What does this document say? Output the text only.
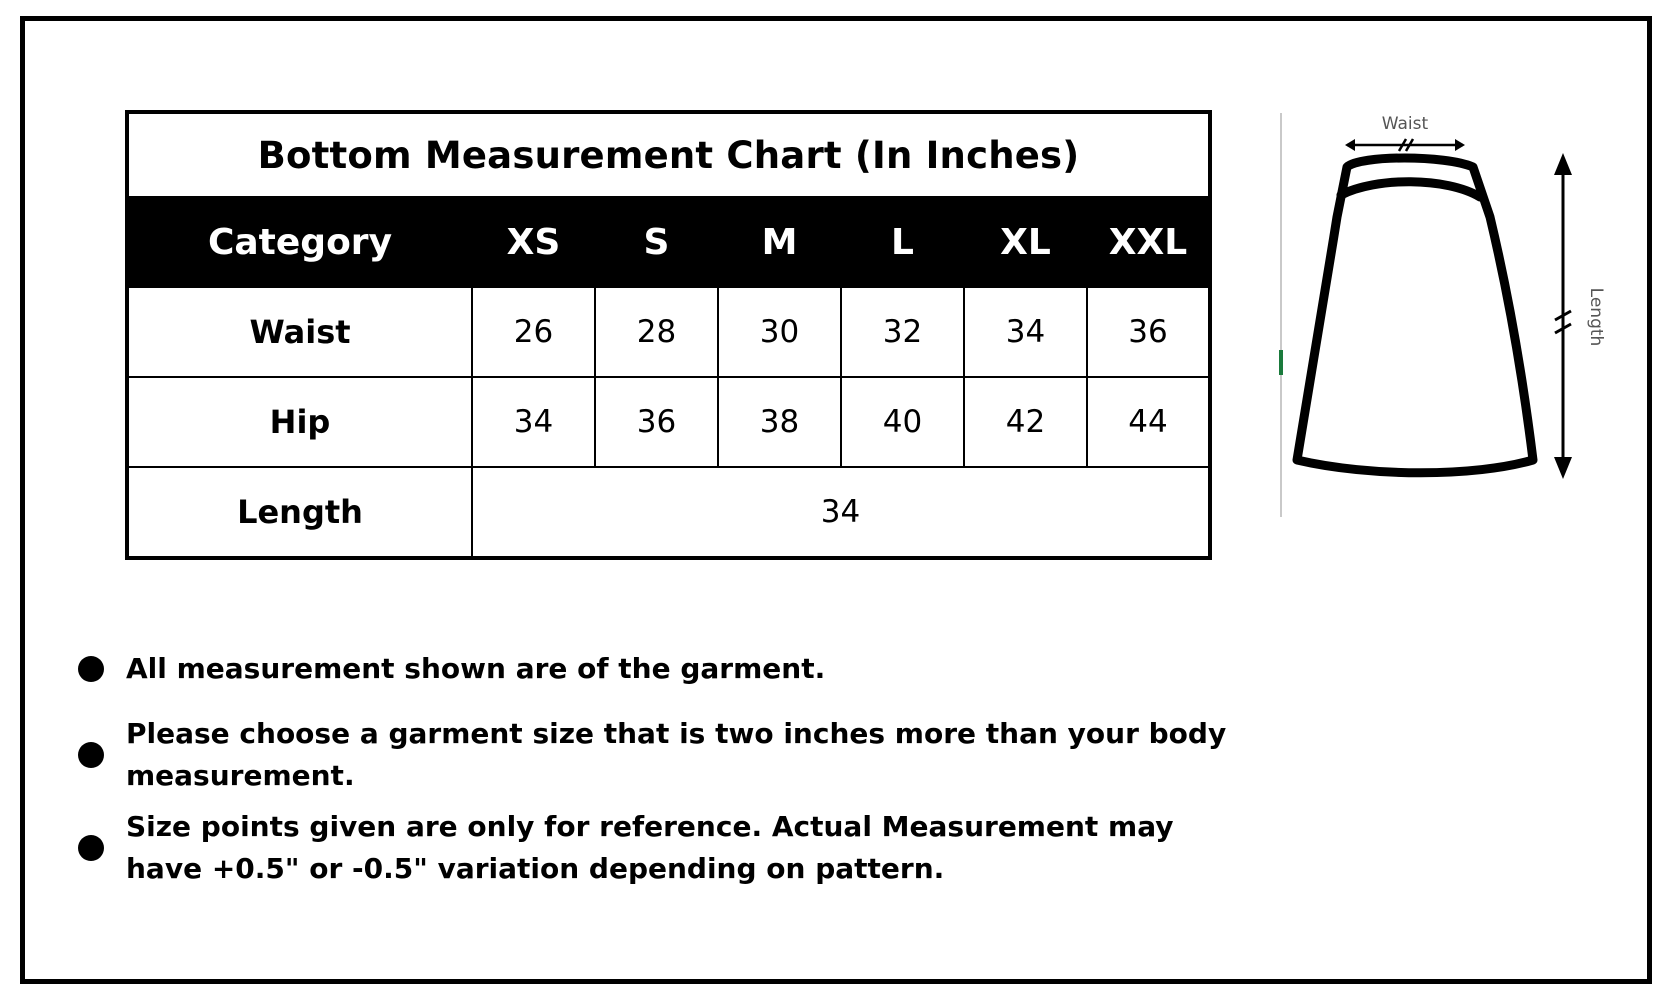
Bottom Measurement Chart (In Inches)						
Category	XS	S	M	L	XL	XXL
Waist	26	28	30	32	34	36
Hip	34	36	38	40	42	44
Length	34					
Waist
Length
All measurement shown are of the garment.
Please choose a garment size that is two inches more than your body measurement.
Size points given are only for reference. Actual Measurement may have +0.5" or -0.5" variation depending on pattern.
